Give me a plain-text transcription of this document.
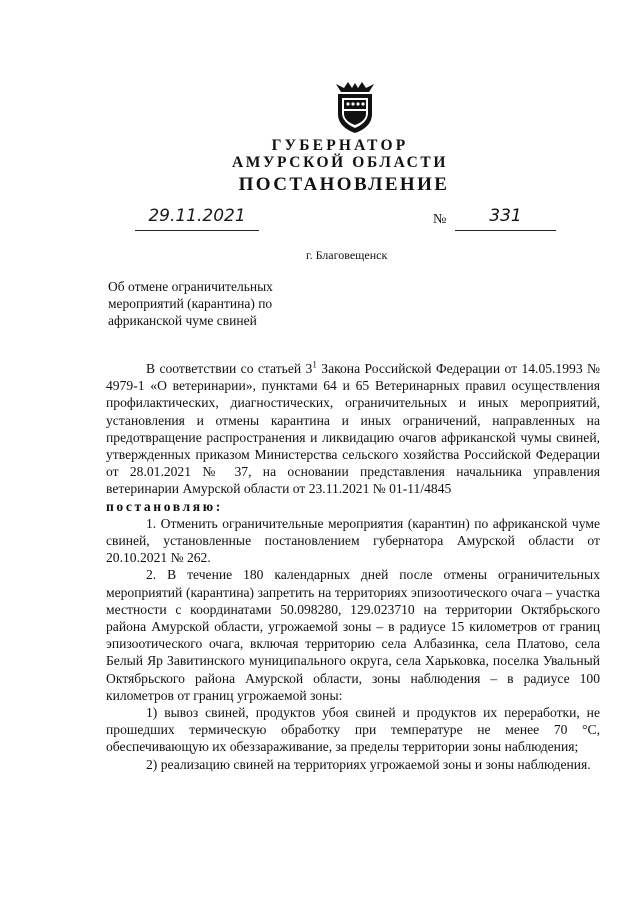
ГУБЕРНАТОР
АМУРСКОЙ ОБЛАСТИ
ПОСТАНОВЛЕНИЕ
29.11.2021	№	331
г. Благовещенск
Об отмене ограничительных мероприятий (карантина) по африканской чуме свиней

В соответствии со статьей $3^1$ Закона Российской Федерации от 14.05.1993 № 4979-1 «О ветеринарии», пунктами 64 и 65 Ветеринарных правил осуществления профилактических, диагностических, ограничительных и иных мероприятий, установления и отмены карантина и иных ограничений, направленных на предотвращение распространения и ликвидацию очагов африканской чумы свиней, утвержденных приказом Министерства сельского хозяйства Российской Федерации от 28.01.2021 № 37, на основании представления начальника управления ветеринарии Амурской области от 23.11.2021 № 01-11/4845

постановляю:

1. Отменить ограничительные мероприятия (карантин) по африканской чуме свиней, установленные постановлением губернатора Амурской области от 20.10.2021 № 262.

2. В течение 180 календарных дней после отмены ограничительных мероприятий (карантина) запретить на территориях эпизоотического очага – участка местности с координатами 50.098280, 129.023710 на территории Октябрьского района Амурской области, угрожаемой зоны – в радиусе 15 километров от границ эпизоотического очага, включая территорию села Албазинка, села Платово, села Белый Яр Завитинского муниципального округа, села Харьковка, поселка Увальный Октябрьского района Амурской области, зоны наблюдения – в радиусе 100 километров от границ угрожаемой зоны:

1) вывоз свиней, продуктов убоя свиней и продуктов их переработки, не прошедших термическую обработку при температуре не менее 70 °С, обеспечивающую их обеззараживание, за пределы территории зоны наблюдения;

2) реализацию свиней на территориях угрожаемой зоны и зоны наблюдения.
